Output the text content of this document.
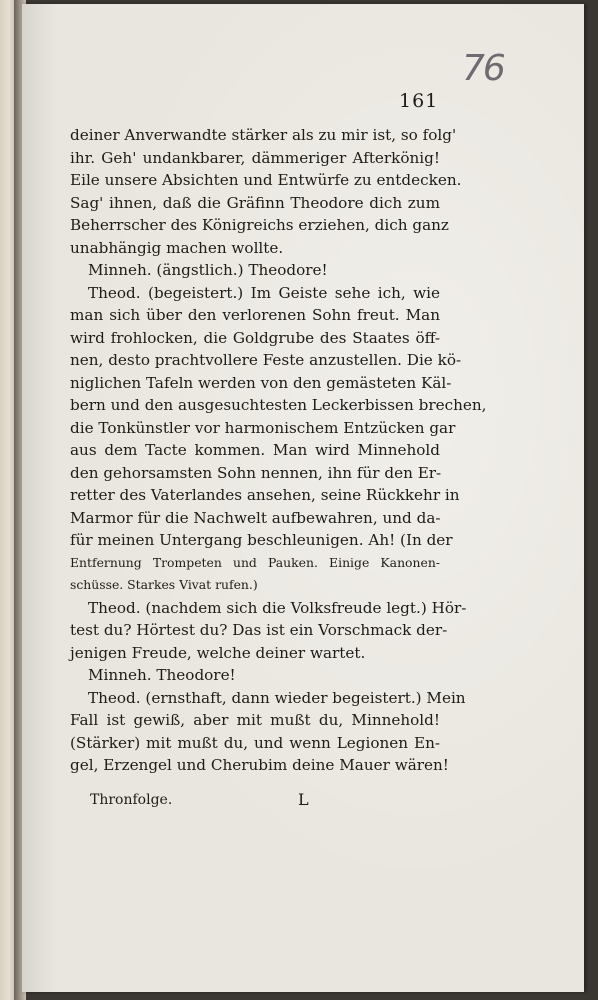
76
161
deiner Anverwandte stärker als zu mir ist, so folg'
ihr. Geh' undankbarer, dämmeriger Afterkönig!
Eile unsere Absichten und Entwürfe zu entdecken.
Sag' ihnen, daß die Gräfinn Theodore dich zum
Beherrscher des Königreichs erziehen, dich ganz
unabhängig machen wollte.
Minneh. (ängstlich.) Theodore!
Theod. (begeistert.) Im Geiste sehe ich, wie
man sich über den verlorenen Sohn freut. Man
wird frohlocken, die Goldgrube des Staates öff-
nen, desto prachtvollere Feste anzustellen. Die kö-
niglichen Tafeln werden von den gemästeten Käl-
bern und den ausgesuchtesten Leckerbissen brechen,
die Tonkünstler vor harmonischem Entzücken gar
aus dem Tacte kommen. Man wird Minnehold
den gehorsamsten Sohn nennen, ihn für den Er-
retter des Vaterlandes ansehen, seine Rückkehr in
Marmor für die Nachwelt aufbewahren, und da-
für meinen Untergang beschleunigen. Ah! (In der
Entfernung Trompeten und Pauken. Einige Kanonen-
schüsse. Starkes Vivat rufen.)
Theod. (nachdem sich die Volksfreude legt.) Hör-
test du? Hörtest du? Das ist ein Vorschmack der-
jenigen Freude, welche deiner wartet.
Minneh. Theodore!
Theod. (ernsthaft, dann wieder begeistert.) Mein
Fall ist gewiß, aber mit mußt du, Minnehold!
(Stärker) mit mußt du, und wenn Legionen En-
gel, Erzengel und Cherubim deine Mauer wären!
Thronfolge.	L
